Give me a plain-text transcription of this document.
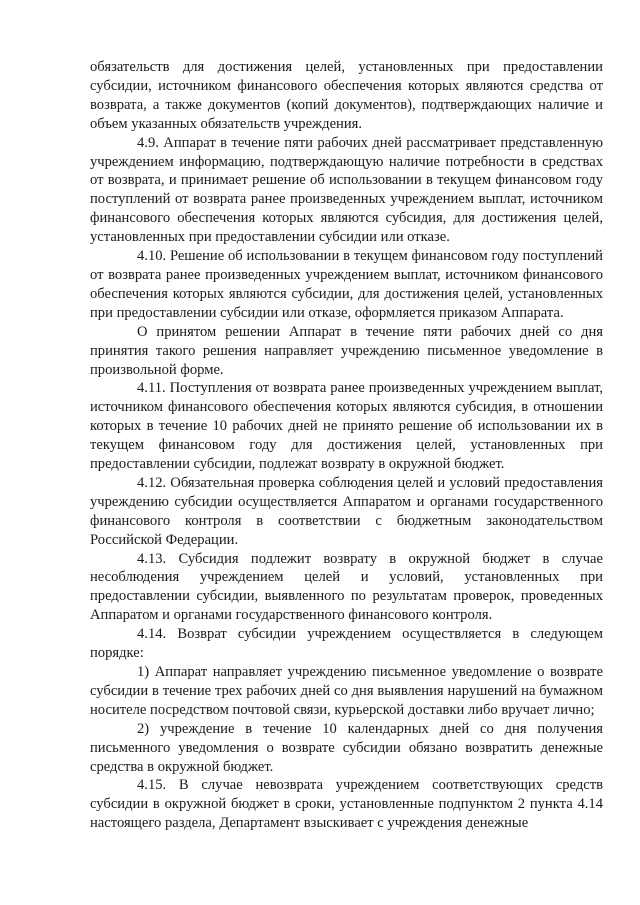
обязательств для достижения целей, установленных при предоставлении субсидии, источником финансового обеспечения которых являются средства от возврата, а также документов (копий документов), подтверждающих наличие и объем указанных обязательств учреждения.

4.9. Аппарат в течение пяти рабочих дней рассматривает представленную учреждением информацию, подтверждающую наличие потребности в средствах от возврата, и принимает решение об использовании в текущем финансовом году поступлений от возврата ранее произведенных учреждением выплат, источником финансового обеспечения которых являются субсидия, для достижения целей, установленных при предоставлении субсидии или отказе.

4.10. Решение об использовании в текущем финансовом году поступлений от возврата ранее произведенных учреждением выплат, источником финансового обеспечения которых являются субсидии, для достижения целей, установленных при предоставлении субсидии или отказе, оформляется приказом Аппарата.

О принятом решении Аппарат в течение пяти рабочих дней со дня принятия такого решения направляет учреждению письменное уведомление в произвольной форме.

4.11. Поступления от возврата ранее произведенных учреждением выплат, источником финансового обеспечения которых являются субсидия, в отношении которых в течение 10 рабочих дней не принято решение об использовании их в текущем финансовом году для достижения целей, установленных при предоставлении субсидии, подлежат возврату в окружной бюджет.

4.12. Обязательная проверка соблюдения целей и условий предоставления учреждению субсидии осуществляется Аппаратом и органами государственного финансового контроля в соответствии с бюджетным законодательством Российской Федерации.

4.13. Субсидия подлежит возврату в окружной бюджет в случае несоблюдения учреждением целей и условий, установленных при предоставлении субсидии, выявленного по результатам проверок, проведенных Аппаратом и органами государственного финансового контроля.

4.14. Возврат субсидии учреждением осуществляется в следующем порядке:

1) Аппарат направляет учреждению письменное уведомление о возврате субсидии в течение трех рабочих дней со дня выявления нарушений на бумажном носителе посредством почтовой связи, курьерской доставки либо вручает лично;

2) учреждение в течение 10 календарных дней со дня получения письменного уведомления о возврате субсидии обязано возвратить денежные средства в окружной бюджет.

4.15. В случае невозврата учреждением соответствующих средств субсидии в окружной бюджет в сроки, установленные подпунктом 2 пункта 4.14 настоящего раздела, Департамент взыскивает с учреждения денежные
